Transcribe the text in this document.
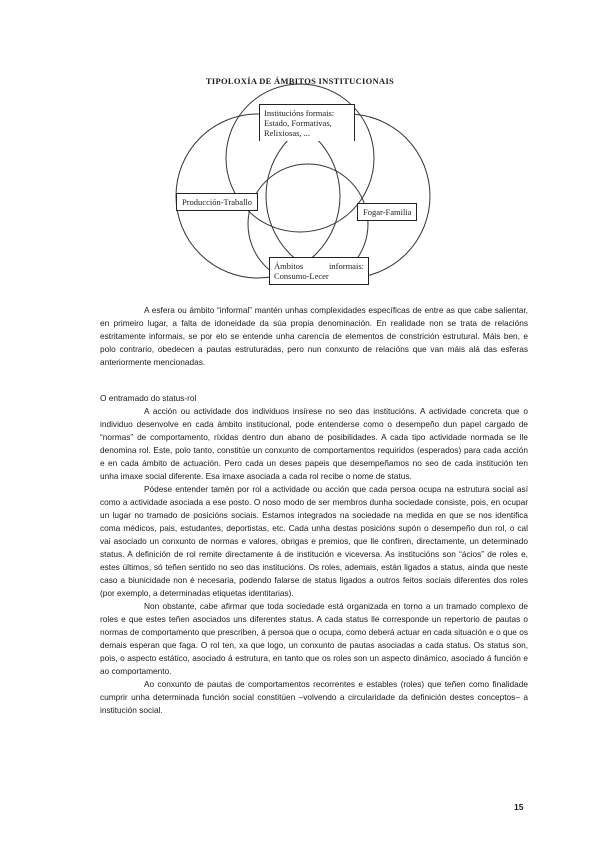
TIPOLOXÍA DE ÁMBITOS INSTITUCIONAIS
Institucións formais: Estado, Formativas, Relixiosas, ...
Producción-Traballo
Fogar-Familia
Ámbitos informais: Consumo-Lecer

A esfera ou ámbito “informal” mantén unhas complexidades específicas de entre as que cabe salientar, en primeiro lugar, a falta de idoneidade da súa propia denominación. En realidade non se trata de relacións estritamente informais, se por elo se entende unha carencia de elementos de constrición estrutural. Máis ben, e polo contrario, obedecen a pautas estruturadas, pero nun conxunto de relacións que van máis alá das esferas anteriormente mencionadas.

O entramado do status-rol

A acción ou actividade dos individuos insírese no seo das institucións. A actividade concreta que o individuo desenvolve en cada ámbito institucional, pode entenderse como o desempeño dun papel cargado de “normas” de comportamento, ríxidas dentro dun abano de posibilidades. A cada tipo actividade normada se lle denomina rol. Este, polo tanto, constitúe un conxunto de comportamentos requiridos (esperados) para cada acción e en cada ámbito de actuación. Pero cada un deses papeis que desempeñamos no seo de cada institución ten unha imaxe social diferente. Esa imaxe asociada a cada rol recibe o nome de status.

Pódese entender tamén por rol a actividade ou acción que cada persoa ocupa na estrutura social así como a actividade asociada a ese posto. O noso modo de ser membros dunha sociedade consiste, pois, en ocupar un lugar no tramado de posicións sociais. Estamos integrados na sociedade na medida en que se nos identifica coma médicos, pais, estudantes, deportistas, etc. Cada unha destas posicións supón o desempeño dun rol, o cal vai asociado un conxunto de normas e valores, obrigas e premios, que lle confiren, directamente, un determinado status. A definición de rol remite directamente á de institución e viceversa. As institucións son “ácios” de roles e, estes últimos, só teñen sentido no seo das institucións. Os roles, ademais, están ligados a status, aínda que neste caso a biunicidade non é necesaria, podendo falarse de status ligados a outros feitos sociais diferentes dos roles (por exemplo, a determinadas etiquetas identitarias).

Non obstante, cabe afirmar que toda sociedade está organizada en torno a un tramado complexo de roles e que estes teñen asociados uns diferentes status. A cada status lle corresponde un repertorio de pautas o normas de comportamento que prescriben, á persoa que o ocupa, como deberá actuar en cada situación e o que os demais esperan que faga. O rol ten, xa que logo, un conxunto de pautas asociadas a cada status. Os status son, pois, o aspecto estático, asociado á estrutura, en tanto que os roles son un aspecto dinámico, asociado á función e ao comportamento.

Ao conxunto de pautas de comportamentos recorrentes e estables (roles) que teñen como finalidade cumprir unha determinada función social constitúen –volvendo a circularidade da definición destes conceptos– a institución social.

15
